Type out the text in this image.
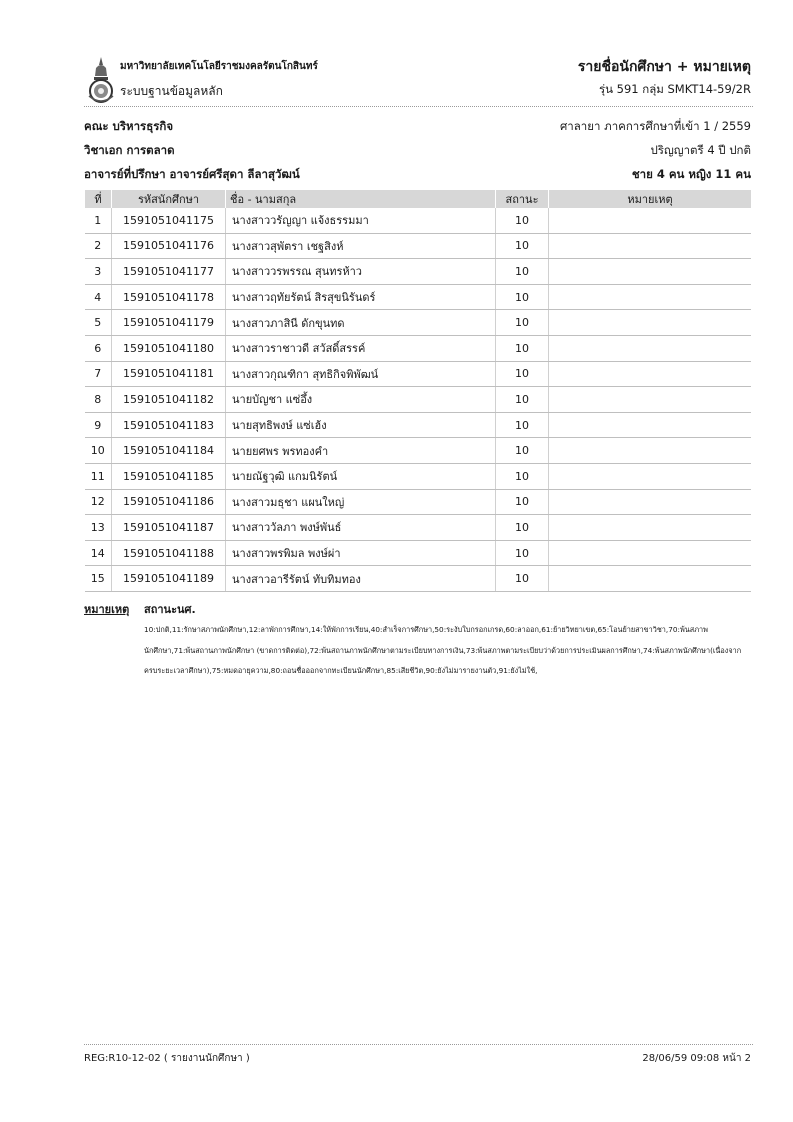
มหาวิทยาลัยเทคโนโลยีราชมงคลรัตนโกสินทร์
ระบบฐานข้อมูลหลัก
รายชื่อนักศึกษา + หมายเหตุ
รุ่น 591 กลุ่ม SMKT14-59/2R
คณะ บริหารธุรกิจ	ศาลายา ภาคการศึกษาที่เข้า 1 / 2559
วิชาเอก การตลาด	ปริญญาตรี 4 ปี ปกติ
อาจารย์ที่ปรึกษา อาจารย์ศรีสุดา ลีลาสุวัฒน์	ชาย 4 คน หญิง 11 คน
ที่	รหัสนักศึกษา	ชื่อ - นามสกุล	สถานะ	หมายเหตุ
1	1591051041175	นางสาววรัญญา แจ้งธรรมมา	10	
2	1591051041176	นางสาวสุพัตรา เชฐสิงห์	10	
3	1591051041177	นางสาววรพรรณ สุนทรห้าว	10	
4	1591051041178	นางสาวฤทัยรัตน์ สิรสุขนิรันดร์	10	
5	1591051041179	นางสาวภาสินี ดักขุนทด	10	
6	1591051041180	นางสาวราชาวดี สวัสดิ์สรรค์	10	
7	1591051041181	นางสาวกุณฑิกา สุทธิกิจพิพัฒน์	10	
8	1591051041182	นายบัญชา แซ่อึ้ง	10	
9	1591051041183	นายสุทธิพงษ์ แซ่เฮ้ง	10	
10	1591051041184	นายยศพร พรทองคำ	10	
11	1591051041185	นายณัฐวุฒิ แกมนิรัตน์	10	
12	1591051041186	นางสาวมธุชา แผนใหญ่	10	
13	1591051041187	นางสาววัลภา พงษ์พันธ์	10	
14	1591051041188	นางสาวพรพิมล พงษ์ผ่า	10	
15	1591051041189	นางสาวอารีรัตน์ ทับทิมทอง	10	
หมายเหตุ สถานะนศ.
10:ปกติ,11:รักษาสภาพนักศึกษา,12:ลาพักการศึกษา,14:ให้พักการเรียน,40:สำเร็จการศึกษา,50:ระงับใบกรอกเกรด,60:ลาออก,61:ย้ายวิทยาเขต,65:โอนย้ายสาขาวิชา,70:พ้นสภาพนักศึกษา,71:พ้นสถานภาพนักศึกษา (ขาดการติดต่อ),72:พ้นสถานภาพนักศึกษาตามระเบียบทางการเงิน,73:พ้นสภาพตามระเบียบว่าด้วยการประเมินผลการศึกษา,74:พ้นสภาพนักศึกษา(เนื่องจากครบระยะเวลาศึกษา),75:หมดอายุความ,80:ถอนชื่อออกจากทะเบียนนักศึกษา,85:เสียชีวิต,90:ยังไม่มารายงานตัว,91:ยังไม่ใช้,
REG:R10-12-02 ( รายงานนักศึกษา )	28/06/59 09:08 หน้า 2
